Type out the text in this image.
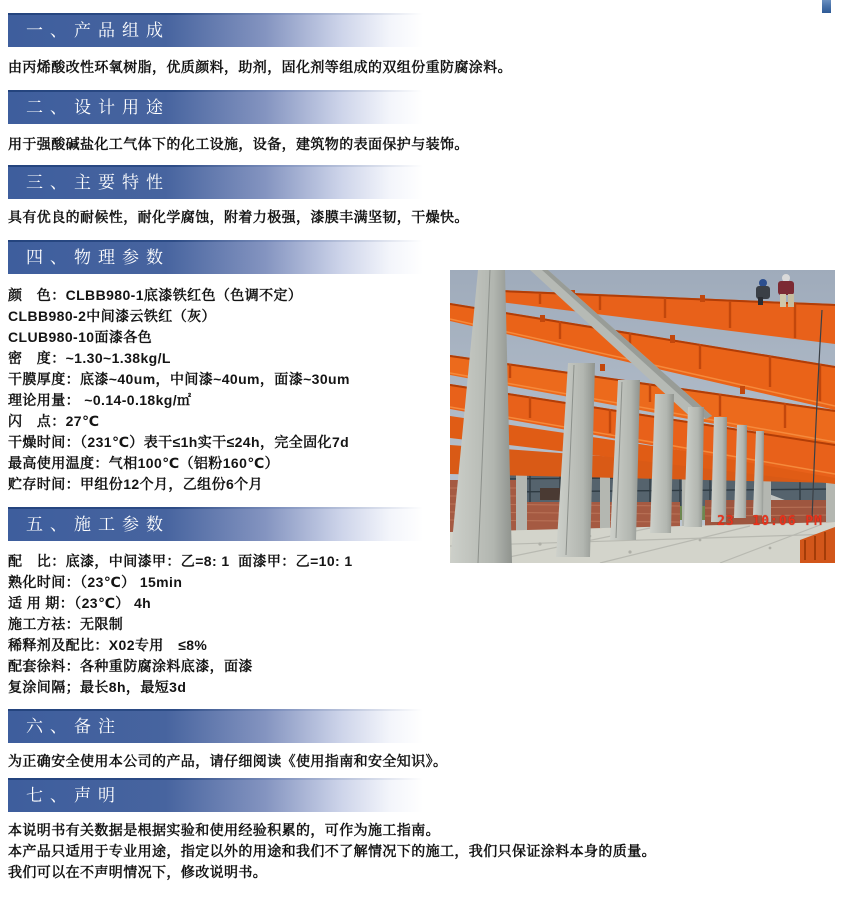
一、产品组成
由丙烯酸改性环氧树脂，优质颜料，助剂，固化剂等组成的双组份重防腐涂料。
二、设计用途
用于强酸碱盐化工气体下的化工设施，设备，建筑物的表面保护与装饰。
三、主要特性
具有优良的耐候性，耐化学腐蚀，附着力极强，漆膜丰满坚韧，干燥快。
四、物理参数
颜　色：CLBB980-1底漆铁红色（色调不定）
CLBB980-2中间漆云铁红（灰）
CLUB980-10面漆各色
密　度：~1.30~1.38kg/L
干膜厚度：底漆~40um，中间漆~40um，面漆~30um
理论用量： ~0.14-0.18kg/㎡
闪　点：27℃
干燥时间：（231℃）表干≤1h实干≤24h，完全固化7d
最高使用温度：气相100℃（铝粉160℃）
贮存时间：甲组份12个月，乙组份6个月
23  10:06 PM
五、施工参数
配　比：底漆，中间漆甲：乙=8: 1  面漆甲：乙=10: 1
熟化时间：（23℃） 15min
适 用 期：（23℃） 4h
施工方祛：无限制
稀释剂及配比：X02专用　≤8%
配套徐料：各种重防腐涂料底漆，面漆
复涂间隔；最长8h，最短3d
六、备注
为正确安全使用本公司的产品，请仔细阅读《使用指南和安全知识》。
七、声明
本说明书有关数据是根据实验和使用经验积累的，可作为施工指南。
本产品只适用于专业用途，指定以外的用途和我们不了解情况下的施工，我们只保证涂料本身的质量。
我们可以在不声明情况下，修改说明书。
